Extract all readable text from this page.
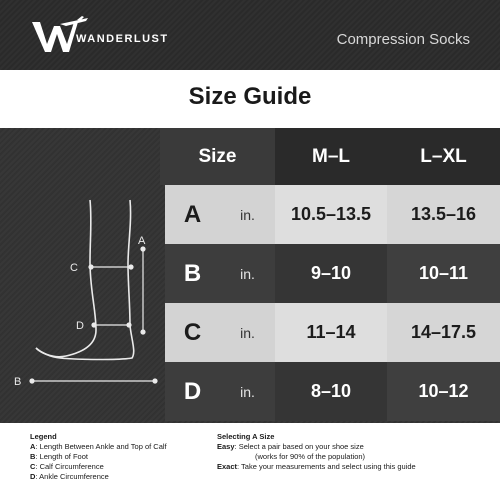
WANDERLUST	Compression Socks
Size Guide
Size	M–L	L–XL
A	in.	10.5–13.5	13.5–16
B	in.	9–10	10–11
C	in.	11–14	14–17.5
D	in.	8–10	10–12
A
C
D
B
Legend
A: Length Between Ankle and Top of Calf
B: Length of Foot
C: Calf Circumference
D: Ankle Circumference
Selecting A Size
Easy: Select a pair based on your shoe size
(works for 90% of the population)
Exact: Take your measurements and select using this guide
